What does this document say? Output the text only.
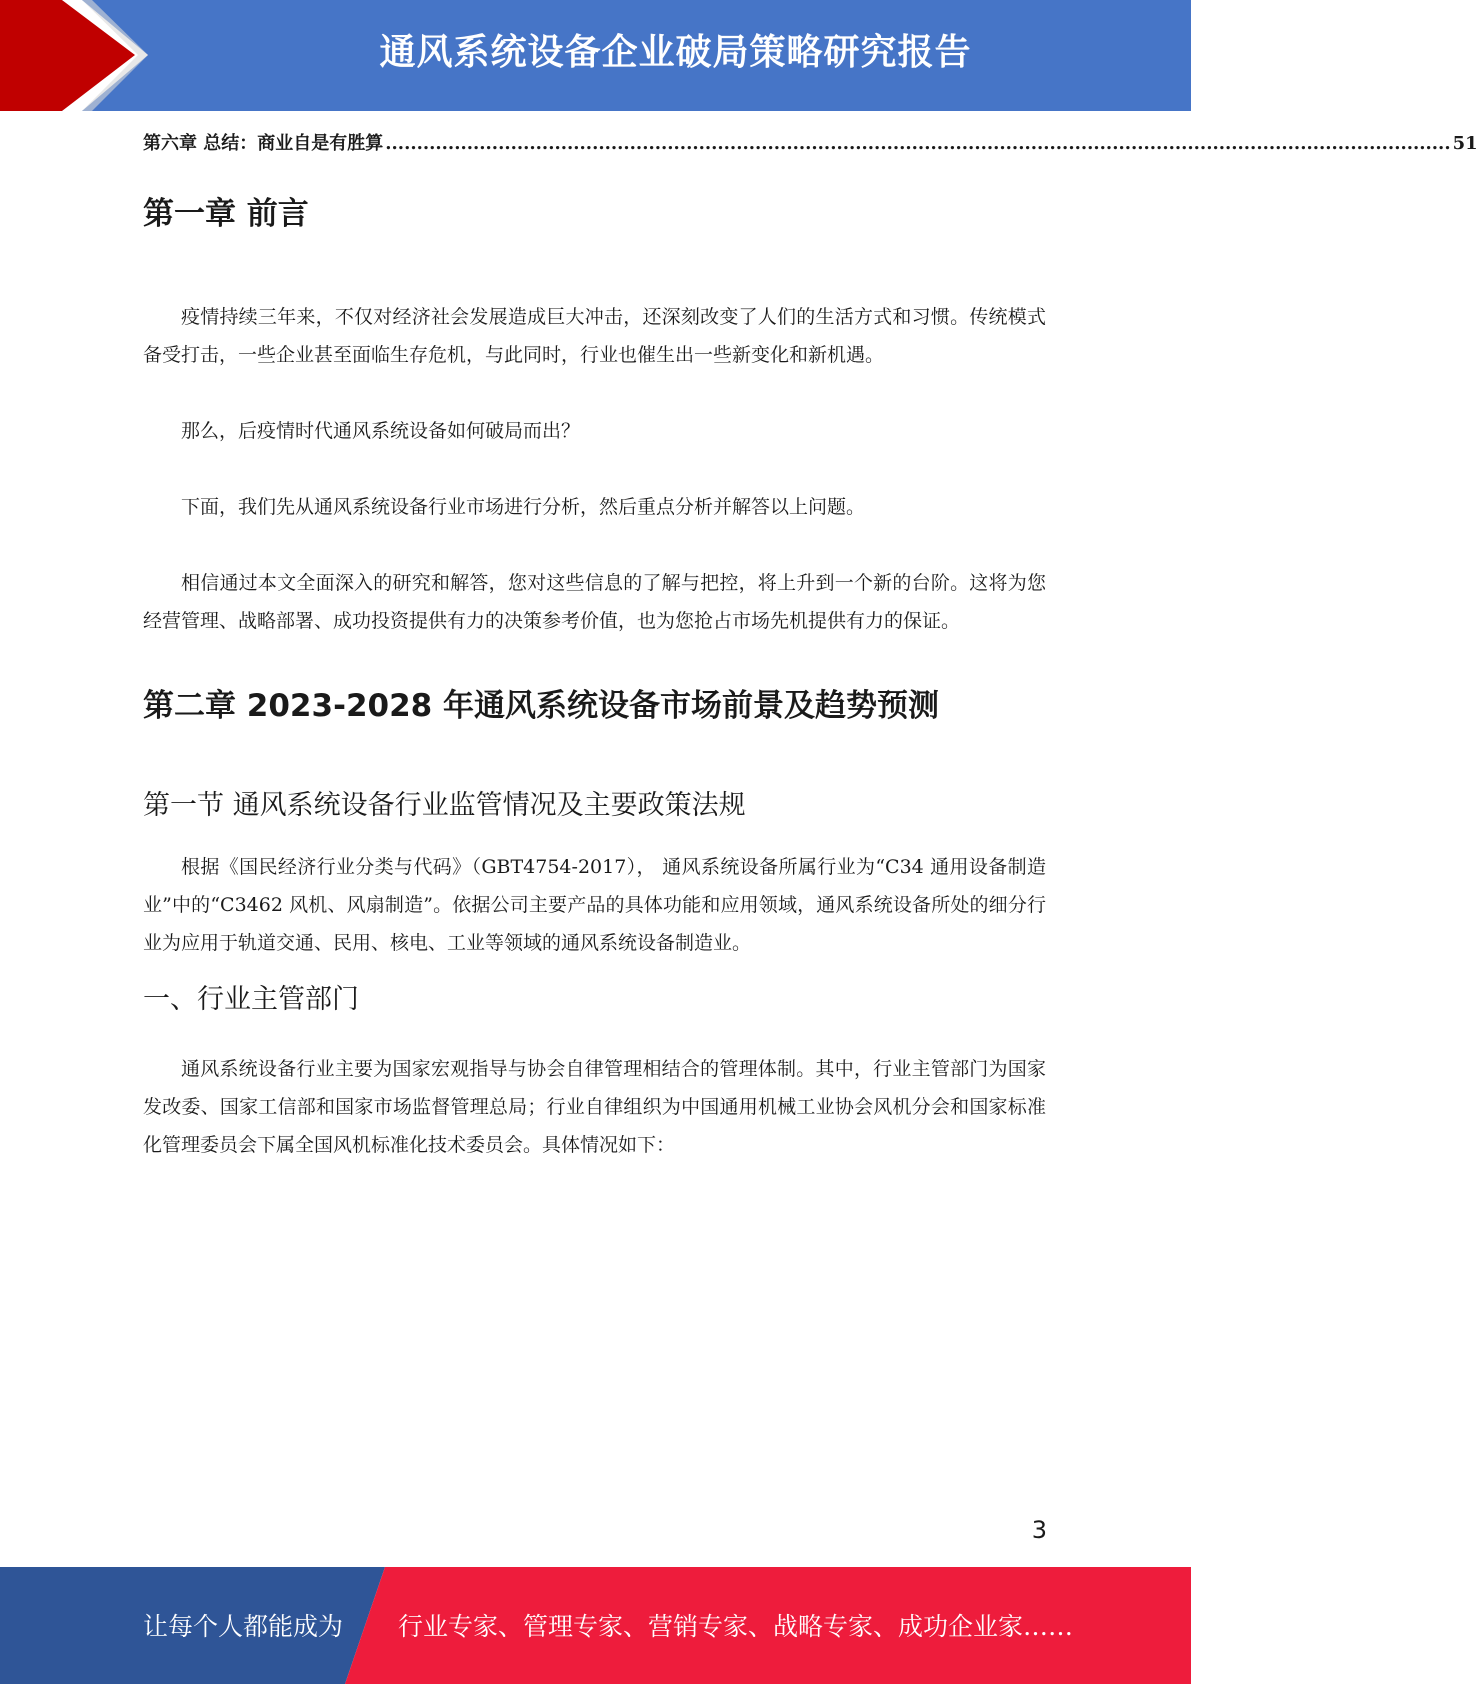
通风系统设备企业破局策略研究报告
第六章 总结：商业自是有胜算 .......................................................................................................................................................................... 51
第一章 前言

疫情持续三年来，不仅对经济社会发展造成巨大冲击，还深刻改变了人们的生活方式和习惯。传统模式备受打击，一些企业甚至面临生存危机，与此同时，行业也催生出一些新变化和新机遇。

那么，后疫情时代通风系统设备如何破局而出？

下面，我们先从通风系统设备行业市场进行分析，然后重点分析并解答以上问题。

相信通过本文全面深入的研究和解答，您对这些信息的了解与把控，将上升到一个新的台阶。这将为您经营管理、战略部署、成功投资提供有力的决策参考价值，也为您抢占市场先机提供有力的保证。

第二章 2023-2028 年通风系统设备市场前景及趋势预测
第一节 通风系统设备行业监管情况及主要政策法规

根据《国民经济行业分类与代码》（GBT4754-2017）， 通风系统设备所属行业为“C34 通用设备制造业”中的“C3462 风机、风扇制造”。依据公司主要产品的具体功能和应用领域，通风系统设备所处的细分行业为应用于轨道交通、民用、核电、工业等领域的通风系统设备制造业。

一、行业主管部门

通风系统设备行业主要为国家宏观指导与协会自律管理相结合的管理体制。其中，行业主管部门为国家发改委、国家工信部和国家市场监督管理总局；行业自律组织为中国通用机械工业协会风机分会和国家标准化管理委员会下属全国风机标准化技术委员会。具体情况如下：

3
让每个人都能成为 行业专家、管理专家、营销专家、战略专家、成功企业家……
